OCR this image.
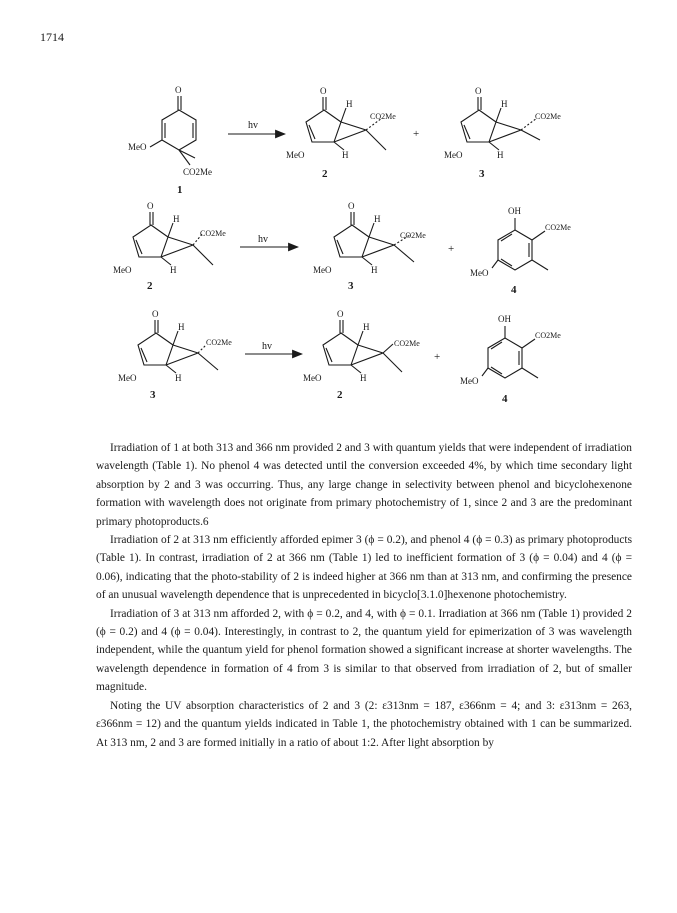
1714
O
MeO
CO2Me
1
hv
O
H
CO2Me
H
MeO
2
+
O
H
CO2Me
H
MeO
3
O
H
CO2Me
H
MeO
2
hv
O
H
CO2Me
H
MeO
3
+
OH
CO2Me
MeO
4
O
H
CO2Me
H
MeO
3
hv
O
H
CO2Me
H
MeO
2
+
OH
CO2Me
MeO
4

Irradiation of 1 at both 313 and 366 nm provided 2 and 3 with quantum yields that were independent of irradiation wavelength (Table 1). No phenol 4 was detected until the conversion exceeded 4%, by which time secondary light absorption by 2 and 3 was occurring. Thus, any large change in selectivity between phenol and bicyclohexenone formation with wavelength does not originate from primary photochemistry of 1, since 2 and 3 are the predominant primary photoproducts.6

Irradiation of 2 at 313 nm efficiently afforded epimer 3 (ϕ = 0.2), and phenol 4 (ϕ = 0.3) as primary photoproducts (Table 1). In contrast, irradiation of 2 at 366 nm (Table 1) led to inefficient formation of 3 (ϕ = 0.04) and 4 (ϕ = 0.06), indicating that the photo-stability of 2 is indeed higher at 366 nm than at 313 nm, and confirming the presence of an unusual wavelength dependence that is unprecedented in bicyclo[3.1.0]hexenone photochemistry.

Irradiation of 3 at 313 nm afforded 2, with ϕ = 0.2, and 4, with ϕ = 0.1. Irradiation at 366 nm (Table 1) provided 2 (ϕ = 0.2) and 4 (ϕ = 0.04). Interestingly, in contrast to 2, the quantum yield for epimerization of 3 was wavelength independent, while the quantum yield for phenol formation showed a significant increase at shorter wavelengths. The wavelength dependence in formation of 4 from 3 is similar to that observed from irradiation of 2, but of smaller magnitude.

Noting the UV absorption characteristics of 2 and 3 (2: ε313nm = 187, ε366nm = 4; and 3: ε313nm = 263, ε366nm = 12) and the quantum yields indicated in Table 1, the photochemistry obtained with 1 can be summarized. At 313 nm, 2 and 3 are formed initially in a ratio of about 1:2. After light absorption by
